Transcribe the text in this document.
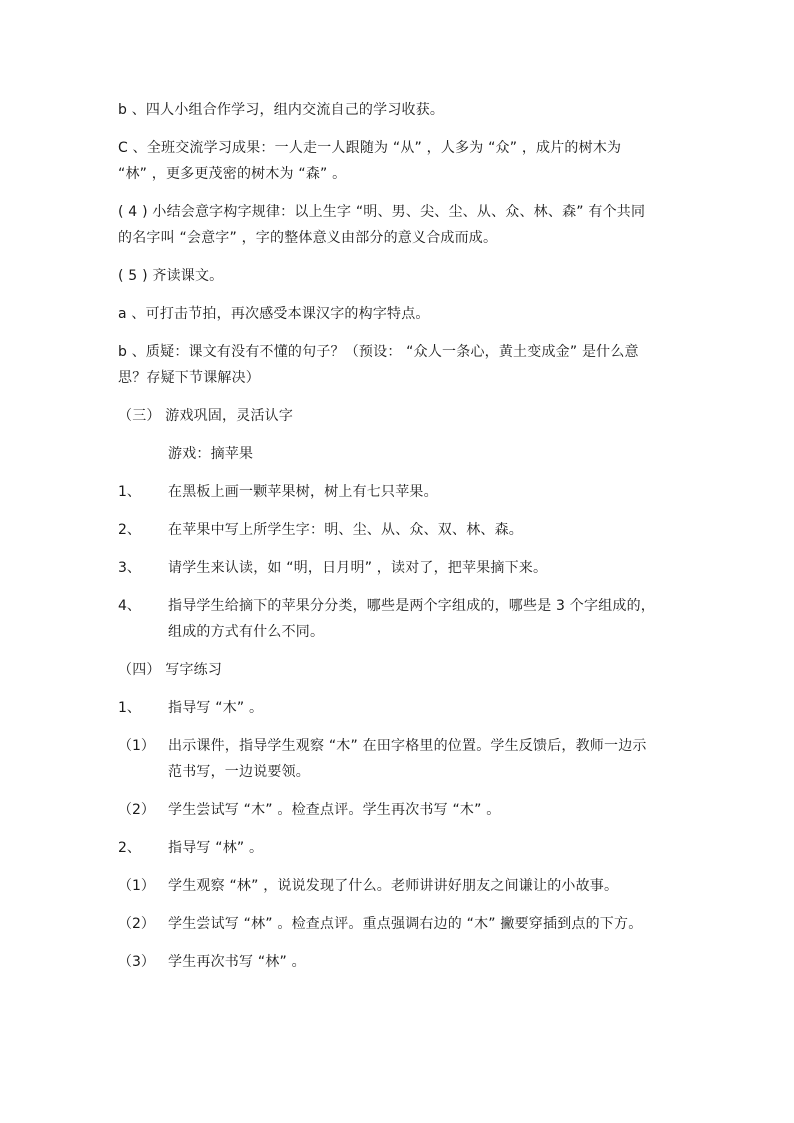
b 、四人小组合作学习，组内交流自己的学习收获。
C 、全班交流学习成果：一人走一人跟随为 “从” ，人多为 “众” ，成片的树木为
“林” ，更多更茂密的树木为 “森” 。
( 4 ) 小结会意字构字规律：以上生字 “明、男、尖、尘、从、众、林、森” 有个共同
的名字叫 “会意字” ，字的整体意义由部分的意义合成而成。
( 5 ) 齐读课文。
a 、可打击节拍，再次感受本课汉字的构字特点。
b 、质疑：课文有没有不懂的句子？（预设： “众人一条心，黄土变成金” 是什么意
思？存疑下节课解决）
（三） 游戏巩固，灵活认字
游戏：摘苹果
1、 在黑板上画一颗苹果树，树上有七只苹果。
2、 在苹果中写上所学生字：明、尘、从、众、双、林、森。
3、 请学生来认读，如 “明，日月明” ，读对了，把苹果摘下来。
4、 指导学生给摘下的苹果分分类，哪些是两个字组成的，哪些是 3 个字组成的，
组成的方式有什么不同。
（四） 写字练习
1、 指导写 “木” 。
（1） 出示课件，指导学生观察 “木” 在田字格里的位置。学生反馈后，教师一边示
范书写，一边说要领。
（2） 学生尝试写 “木” 。检查点评。学生再次书写 “木” 。
2、 指导写 “林” 。
（1） 学生观察 “林” ，说说发现了什么。老师讲讲好朋友之间谦让的小故事。
（2） 学生尝试写 “林” 。检查点评。重点强调右边的 “木” 撇要穿插到点的下方。
（3） 学生再次书写 “林” 。
